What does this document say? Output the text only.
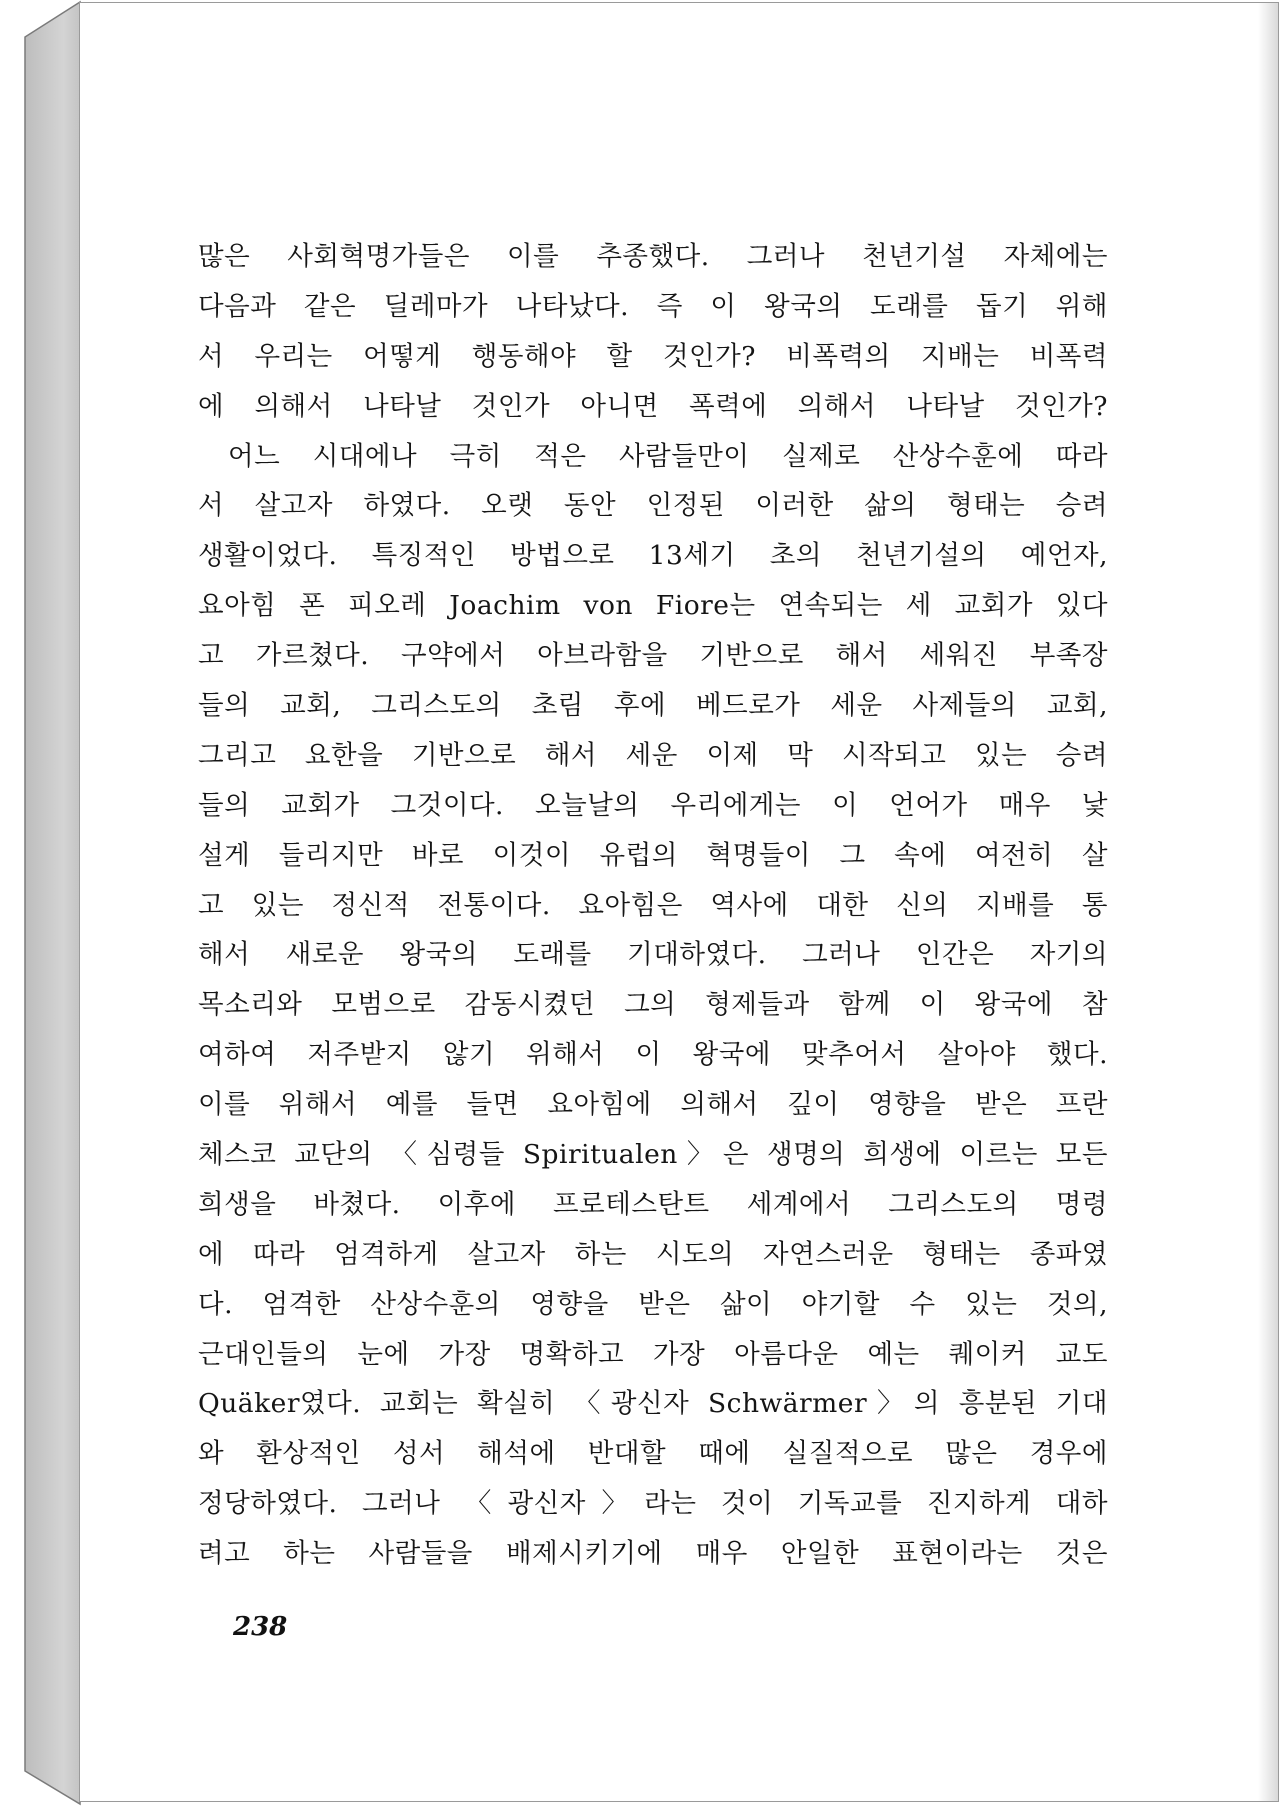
많은 사회혁명가들은 이를 추종했다. 그러나 천년기설 자체에는
다음과 같은 딜레마가 나타났다. 즉 이 왕국의 도래를 돕기 위해
서 우리는 어떻게 행동해야 할 것인가? 비폭력의 지배는 비폭력
에 의해서 나타날 것인가 아니면 폭력에 의해서 나타날 것인가?
어느 시대에나 극히 적은 사람들만이 실제로 산상수훈에 따라
서 살고자 하였다. 오랫 동안 인정된 이러한 삶의 형태는 승려
생활이었다. 특징적인 방법으로 13세기 초의 천년기설의 예언자,
요아힘 폰 피오레 Joachim von Fiore는 연속되는 세 교회가 있다
고 가르쳤다. 구약에서 아브라함을 기반으로 해서 세워진 부족장
들의 교회, 그리스도의 초림 후에 베드로가 세운 사제들의 교회,
그리고 요한을 기반으로 해서 세운 이제 막 시작되고 있는 승려
들의 교회가 그것이다. 오늘날의 우리에게는 이 언어가 매우 낯
설게 들리지만 바로 이것이 유럽의 혁명들이 그 속에 여전히 살
고 있는 정신적 전통이다. 요아힘은 역사에 대한 신의 지배를 통
해서 새로운 왕국의 도래를 기대하였다. 그러나 인간은 자기의
목소리와 모범으로 감동시켰던 그의 형제들과 함께 이 왕국에 참
여하여 저주받지 않기 위해서 이 왕국에 맞추어서 살아야 했다.
이를 위해서 예를 들면 요아힘에 의해서 깊이 영향을 받은 프란
체스코 교단의 〈심령들 Spiritualen〉은 생명의 희생에 이르는 모든
희생을 바쳤다. 이후에 프로테스탄트 세계에서 그리스도의 명령
에 따라 엄격하게 살고자 하는 시도의 자연스러운 형태는 종파였
다. 엄격한 산상수훈의 영향을 받은 삶이 야기할 수 있는 것의,
근대인들의 눈에 가장 명확하고 가장 아름다운 예는 퀘이커 교도
Quäker였다. 교회는 확실히 〈광신자 Schwärmer〉의 흥분된 기대
와 환상적인 성서 해석에 반대할 때에 실질적으로 많은 경우에
정당하였다. 그러나 〈광신자〉라는 것이 기독교를 진지하게 대하
려고 하는 사람들을 배제시키기에 매우 안일한 표현이라는 것은
238
